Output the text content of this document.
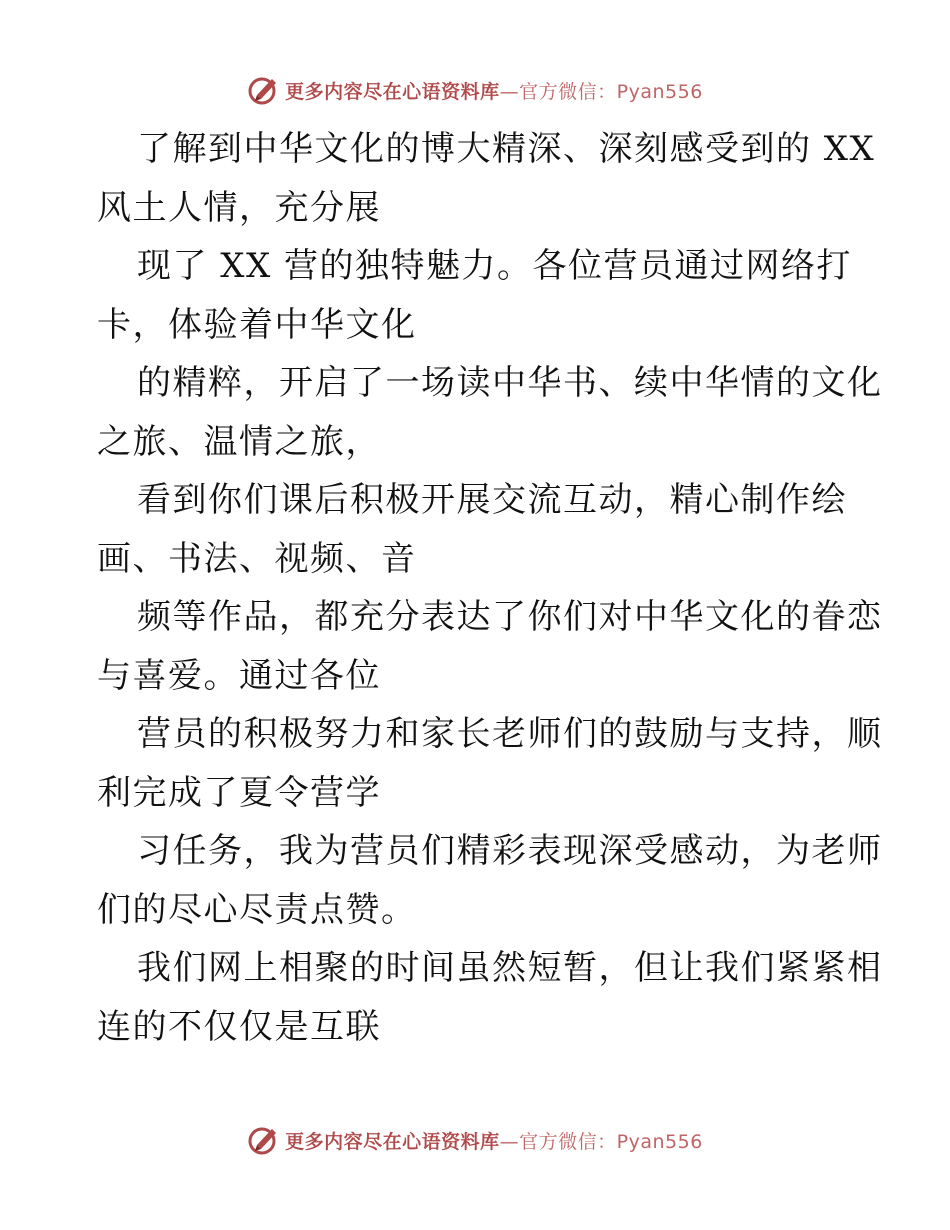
更多内容尽在心语资料库 —官方微信：Pyan556
了解到中华文化的博大精深、深刻感受到的 XX
风土人情，充分展
现了 XX 营的独特魅力。各位营员通过网络打
卡，体验着中华文化
的精粹，开启了一场读中华书、续中华情的文化
之旅、温情之旅，
看到你们课后积极开展交流互动，精心制作绘
画、书法、视频、音
频等作品，都充分表达了你们对中华文化的眷恋
与喜爱。通过各位
营员的积极努力和家长老师们的鼓励与支持，顺
利完成了夏令营学
习任务，我为营员们精彩表现深受感动，为老师
们的尽心尽责点赞。
我们网上相聚的时间虽然短暂，但让我们紧紧相
连的不仅仅是互联
更多内容尽在心语资料库 —官方微信：Pyan556
